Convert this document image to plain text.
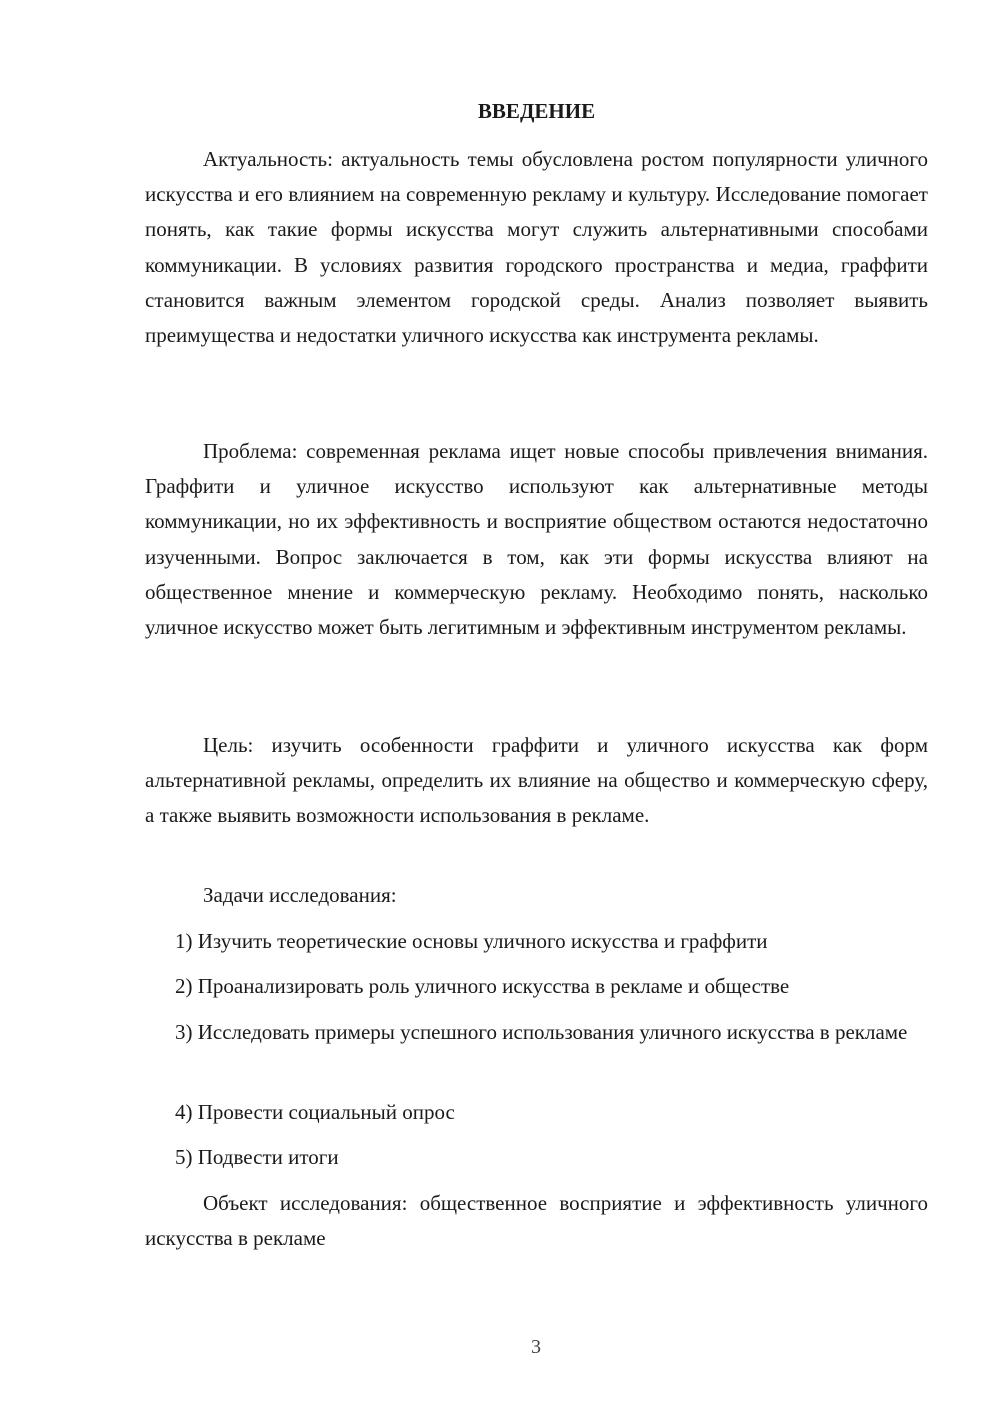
ВВЕДЕНИЕ

Актуальность: актуальность темы обусловлена ростом популярности уличного искусства и его влиянием на современную рекламу и культуру. Исследование помогает понять, как такие формы искусства могут служить альтернативными способами коммуникации. В условиях развития городского пространства и медиа, граффити становится важным элементом городской среды. Анализ позволяет выявить преимущества и недостатки уличного искусства как инструмента рекламы.

Проблема: современная реклама ищет новые способы привлечения внимания. Граффити и уличное искусство используют как альтернативные методы коммуникации, но их эффективность и восприятие обществом остаются недостаточно изученными. Вопрос заключается в том, как эти формы искусства влияют на общественное мнение и коммерческую рекламу. Необходимо понять, насколько уличное искусство может быть легитимным и эффективным инструментом рекламы.

Цель: изучить особенности граффити и уличного искусства как форм альтернативной рекламы, определить их влияние на общество и коммерческую сферу, а также выявить возможности использования в рекламе.

Задачи исследования:

1) Изучить теоретические основы уличного искусства и граффити

2) Проанализировать роль уличного искусства в рекламе и обществе

3) Исследовать примеры успешного использования уличного искусства в рекламе

4) Провести социальный опрос

5) Подвести итоги

Объект исследования: общественное восприятие и эффективность уличного искусства в рекламе

3
